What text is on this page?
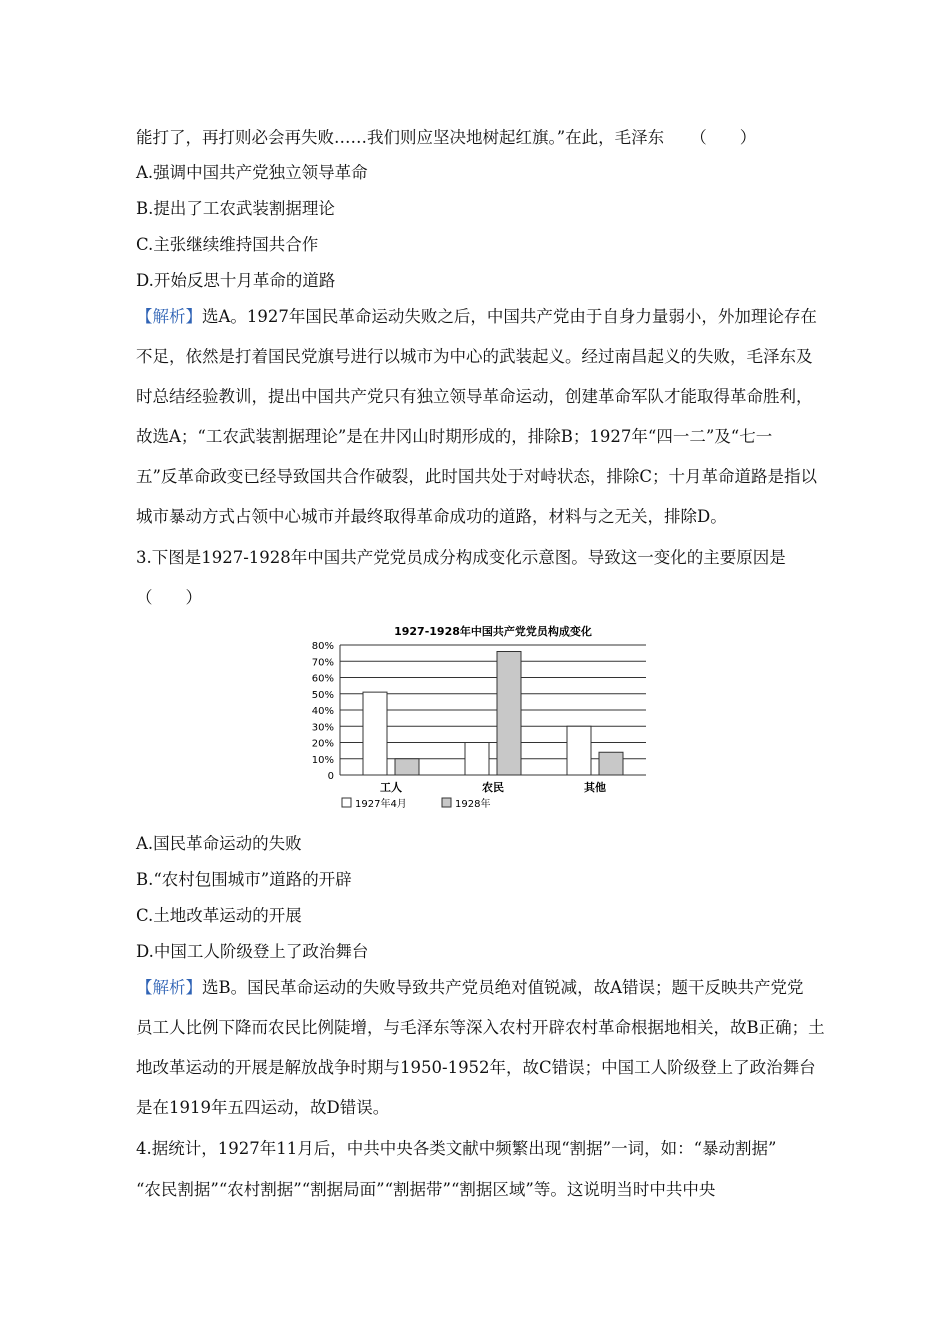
能打了，再打则必会再失败……我们则应坚决地树起红旗。”在此，毛泽东 （　　）
A.强调中国共产党独立领导革命
B.提出了工农武装割据理论
C.主张继续维持国共合作
D.开始反思十月革命的道路
【解析】选A。1927年国民革命运动失败之后，中国共产党由于自身力量弱小，外加理论存在
不足，依然是打着国民党旗号进行以城市为中心的武装起义。经过南昌起义的失败，毛泽东及
时总结经验教训，提出中国共产党只有独立领导革命运动，创建革命军队才能取得革命胜利，
故选A；“工农武装割据理论”是在井冈山时期形成的，排除B；1927年“四一二”及“七一
五”反革命政变已经导致国共合作破裂，此时国共处于对峙状态，排除C；十月革命道路是指以
城市暴动方式占领中心城市并最终取得革命成功的道路，材料与之无关，排除D。
3.下图是1927-1928年中国共产党党员成分构成变化示意图。导致这一变化的主要原因是
（　　）
1927-1928年中国共产党党员构成变化
0
10%
20%
30%
40%
50%
60%
70%
80%
工人	农民	其他
1927年4月	1928年
A.国民革命运动的失败
B.“农村包围城市”道路的开辟
C.土地改革运动的开展
D.中国工人阶级登上了政治舞台
【解析】选B。国民革命运动的失败导致共产党员绝对值锐减，故A错误；题干反映共产党党
员工人比例下降而农民比例陡增，与毛泽东等深入农村开辟农村革命根据地相关，故B正确；土
地改革运动的开展是解放战争时期与1950-1952年，故C错误；中国工人阶级登上了政治舞台
是在1919年五四运动，故D错误。
4.据统计，1927年11月后，中共中央各类文献中频繁出现“割据”一词，如：“暴动割据”
“农民割据”“农村割据”“割据局面”“割据带”“割据区域”等。这说明当时中共中央
